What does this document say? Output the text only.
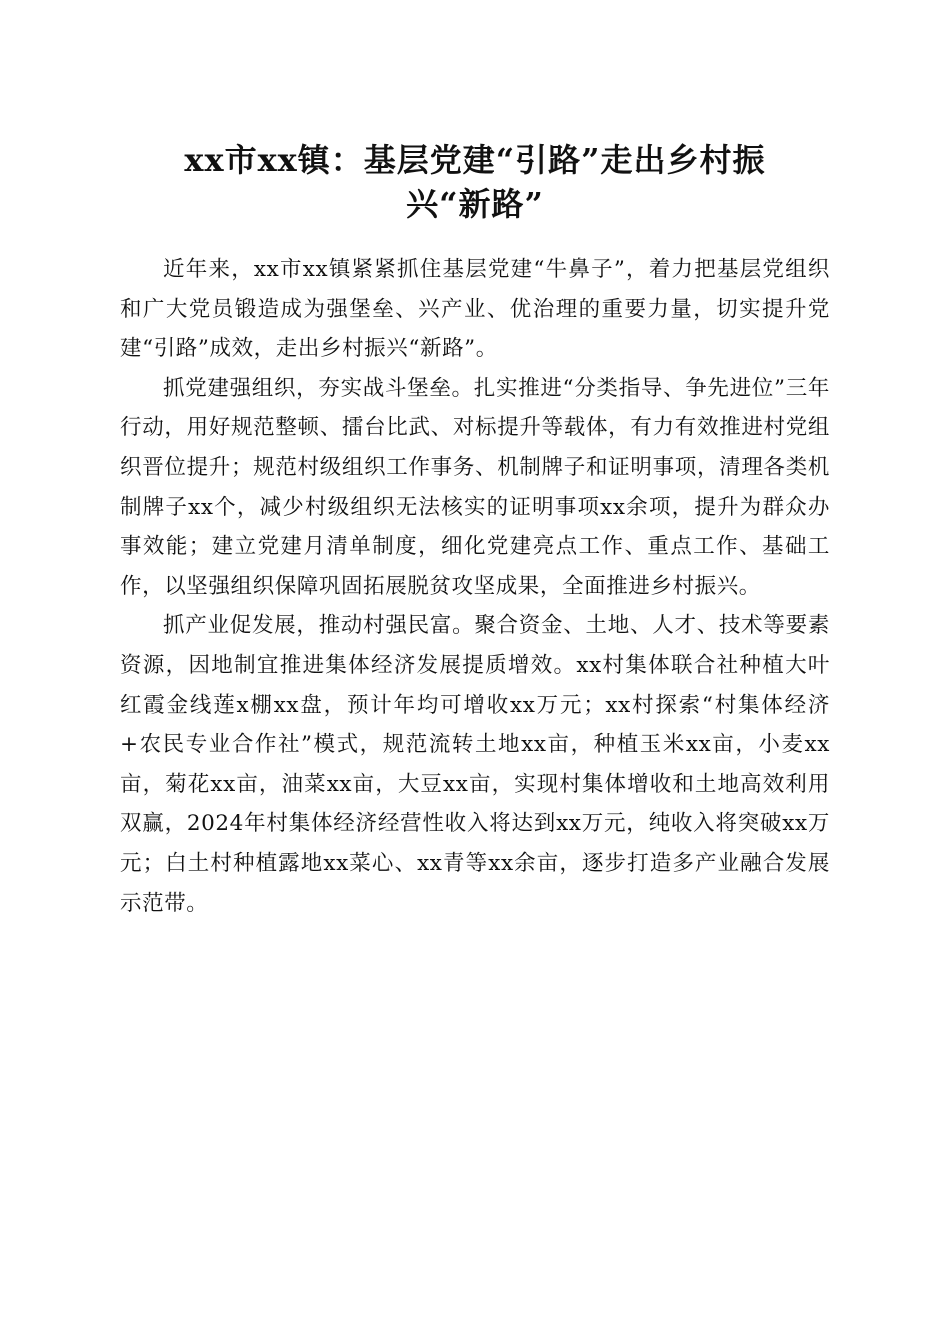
xx市xx镇：基层党建“引路”走出乡村振
兴“新路”

近年来，xx市xx镇紧紧抓住基层党建“牛鼻子”，着力把基层党组织和广大党员锻造成为强堡垒、兴产业、优治理的重要力量，切实提升党建“引路”成效，走出乡村振兴“新路”。

抓党建强组织，夯实战斗堡垒。扎实推进“分类指导、争先进位”三年行动，用好规范整顿、擂台比武、对标提升等载体，有力有效推进村党组织晋位提升；规范村级组织工作事务、机制牌子和证明事项，清理各类机制牌子xx个，减少村级组织无法核实的证明事项xx余项，提升为群众办事效能；建立党建月清单制度，细化党建亮点工作、重点工作、基础工作，以坚强组织保障巩固拓展脱贫攻坚成果，全面推进乡村振兴。

抓产业促发展，推动村强民富。聚合资金、土地、人才、技术等要素资源，因地制宜推进集体经济发展提质增效。xx村集体联合社种植大叶红霞金线莲x棚xx盘，预计年均可增收xx万元；xx村探索“村集体经济+农民专业合作社”模式，规范流转土地xx亩，种植玉米xx亩，小麦xx亩，菊花xx亩，油菜xx亩，大豆xx亩，实现村集体增收和土地高效利用双赢，2024年村集体经济经营性收入将达到xx万元，纯收入将突破xx万元；白土村种植露地xx菜心、xx青等xx余亩，逐步打造多产业融合发展示范带。
